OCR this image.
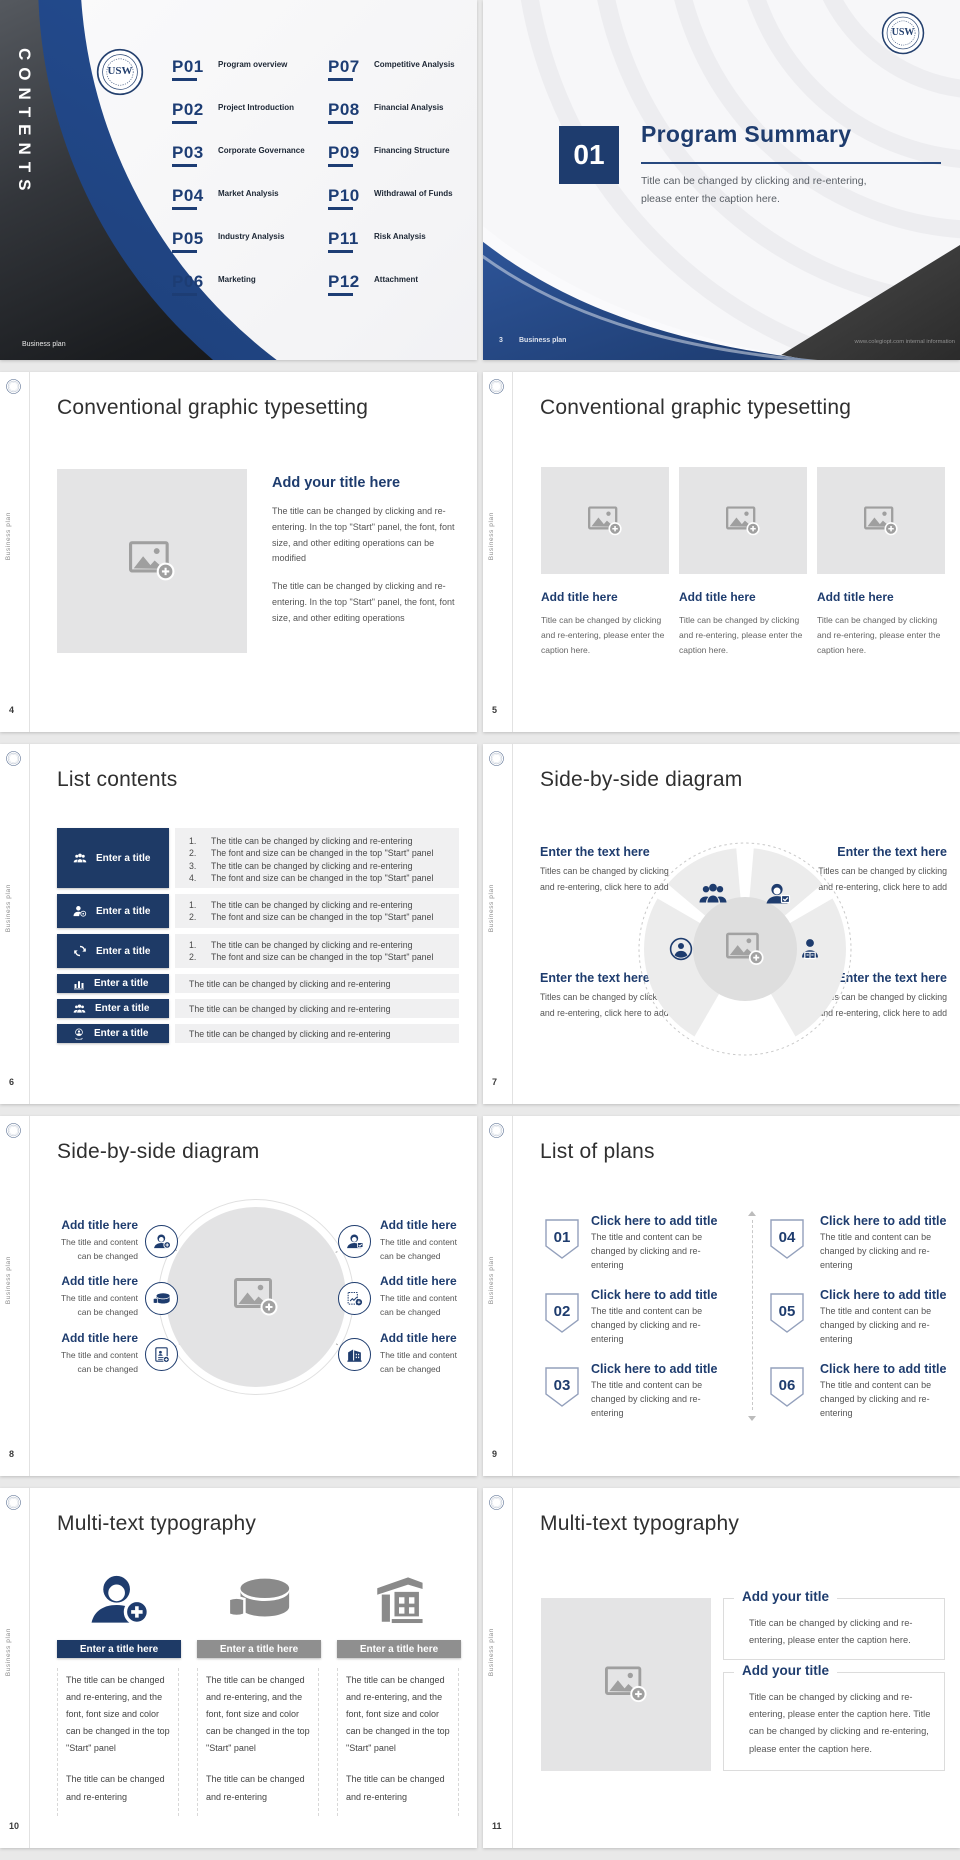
CONTENTS	USW	P01	Program overview
P02	Project Introduction
P03	Corporate Governance
P04	Market Analysis
P05	Industry Analysis
P06	Marketing
P07	Competitive Analysis
P08	Financial Analysis
P09	Financing Structure
P10	Withdrawal of Funds
P11	Risk Analysis
P12	Attachment
Business plan
USW
01
Program Summary
Title can be changed by clicking and re-entering, please enter the caption here.
3 Business plan	www.colegiopt.com internal information
Business plan
4
Conventional graphic typesetting
Add your title here
The title can be changed by clicking and re-entering. In the top "Start" panel, the font, font size, and other editing operations can be modified
The title can be changed by clicking and re-entering. In the top "Start" panel, the font, font size, and other editing operations
Business plan
5
Conventional graphic typesetting
Add title here
Title can be changed by clicking and re-entering, please enter the caption here.
Add title here
Title can be changed by clicking and re-entering, please enter the caption here.
Add title here
Title can be changed by clicking and re-entering, please enter the caption here.
Business plan
6
List contents
Enter a title
1.	The title can be changed by clicking and re-entering
2.	The font and size can be changed in the top "Start" panel
3.	The title can be changed by clicking and re-entering
4.	The font and size can be changed in the top "Start" panel
Enter a title
1.	The title can be changed by clicking and re-entering
2.	The font and size can be changed in the top "Start" panel
Enter a title
1.	The title can be changed by clicking and re-entering
2.	The font and size can be changed in the top "Start" panel
Enter a title	The title can be changed by clicking and re-entering
Enter a title	The title can be changed by clicking and re-entering
Enter a title	The title can be changed by clicking and re-entering
Business plan
7
Side-by-side diagram
Enter the text here
Titles can be changed by clicking and re-entering, click here to add
Enter the text here
Titles can be changed by clicking and re-entering, click here to add
Enter the text here
Titles can be changed by clicking and re-entering, click here to add
Enter the text here
Titles can be changed by clicking and re-entering, click here to add
Business plan
8
Side-by-side diagram
Add title here
The title and content can be changed
Add title here
The title and content can be changed
Add title here
The title and content can be changed
Add title here
The title and content can be changed
Add title here
The title and content can be changed
Add title here
The title and content can be changed
Business plan
9
List of plans
01
Click here to add title
The title and content can be changed by clicking and re-entering
02
Click here to add title
The title and content can be changed by clicking and re-entering
03
Click here to add title
The title and content can be changed by clicking and re-entering
04
Click here to add title
The title and content can be changed by clicking and re-entering
05
Click here to add title
The title and content can be changed by clicking and re-entering
06
Click here to add title
The title and content can be changed by clicking and re-entering
Business plan
10
Multi-text typography
Enter a title here

The title can be changed and re-entering, and the font, font size and color can be changed in the top "Start" panel

The title can be changed and re-entering

Enter a title here

The title can be changed and re-entering, and the font, font size and color can be changed in the top "Start" panel

The title can be changed and re-entering

Enter a title here

The title can be changed and re-entering, and the font, font size and color can be changed in the top "Start" panel

The title can be changed and re-entering

Business plan
11
Multi-text typography
Add your title
Title can be changed by clicking and re-entering, please enter the caption here.
Add your title
Title can be changed by clicking and re-entering, please enter the caption here. Title can be changed by clicking and re-entering, please enter the caption here.
